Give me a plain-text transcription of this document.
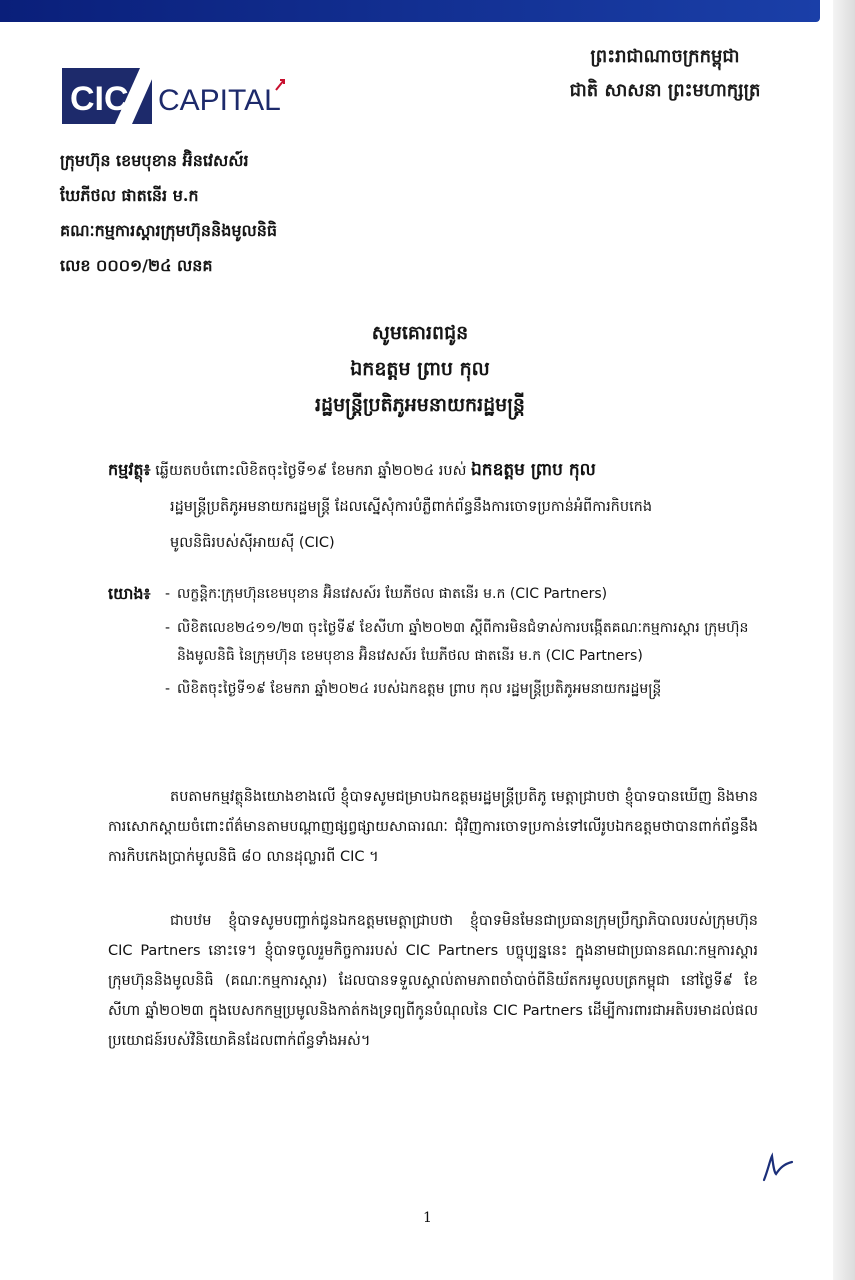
ព្រះរាជាណាចក្រកម្ពុជា
ជាតិ សាសនា ព្រះមហាក្សត្រ
CIC CAPITAL
ក្រុមហ៊ុន ខេមបុខាន អ៊ិនវេសស៍រ
ឃែភីថល ផាតនើរ ម.ក
គណៈកម្មការស្តារក្រុមហ៊ុននិងមូលនិធិ
លេខ ០០០១/២៤ លនគ
សូមគោរពជូន
ឯកឧត្តម ព្រាប កុល
រដ្ឋមន្ត្រីប្រតិភូអមនាយករដ្ឋមន្ត្រី
កម្មវត្ថុ៖ ឆ្លើយតបចំពោះលិខិតចុះថ្ងៃទី១៩ ខែមករា ឆ្នាំ២០២៤ របស់ ឯកឧត្តម ព្រាប កុល
រដ្ឋមន្ត្រីប្រតិភូអមនាយករដ្ឋមន្ត្រី ដែលស្នើសុំការបំភ្លឺពាក់ព័ន្ធនឹងការចោទប្រកាន់អំពីការកិបកេង
មូលនិធិរបស់ស៊ីអាយស៊ី (CIC)
យោង៖	- លក្ខន្តិកៈក្រុមហ៊ុនខេមបុខាន អ៊ិនវេសស៍រ ឃែភីថល ផាតនើរ ម.ក (CIC Partners)
- លិខិតលេខ២៤១១/២៣ ចុះថ្ងៃទី៩ ខែសីហា ឆ្នាំ២០២៣ ស្តីពីការមិនជំទាស់ការបង្កើតគណៈកម្មការស្តារ ក្រុមហ៊ុននិងមូលនិធិ នៃក្រុមហ៊ុន ខេមបុខាន អ៊ិនវេសស៍រ ឃែភីថល ផាតនើរ ម.ក (CIC Partners)
- លិខិតចុះថ្ងៃទី១៩ ខែមករា ឆ្នាំ២០២៤ របស់ឯកឧត្តម ព្រាប កុល រដ្ឋមន្ត្រីប្រតិភូអមនាយករដ្ឋមន្ត្រី
តបតាមកម្មវត្ថុនិងយោងខាងលើ ខ្ញុំបាទសូមជម្រាបឯកឧត្តមរដ្ឋមន្ត្រីប្រតិភូ មេត្តាជ្រាបថា ខ្ញុំបាទបានឃើញ និងមានការសោកស្តាយចំពោះព័ត៌មានតាមបណ្តាញផ្សព្វផ្សាយសាធារណៈ ជុំវិញការចោទប្រកាន់ទៅលើរូបឯកឧត្តមថាបានពាក់ព័ន្ធនឹងការកិបកេងប្រាក់មូលនិធិ ៨០ លានដុល្លារពី CIC ។
ជាបឋម ខ្ញុំបាទសូមបញ្ជាក់ជូនឯកឧត្តមមេត្តាជ្រាបថា ខ្ញុំបាទមិនមែនជាប្រធានក្រុមប្រឹក្សាភិបាលរបស់ក្រុមហ៊ុន CIC Partners នោះទេ។ ខ្ញុំបាទចូលរួមកិច្ចការរបស់ CIC Partners បច្ចុប្បន្ននេះ ក្នុងនាមជាប្រធានគណៈកម្មការស្តារក្រុមហ៊ុននិងមូលនិធិ (គណៈកម្មការស្តារ) ដែលបានទទួលស្គាល់តាមភាពចាំបាច់ពីនិយ័តករមូលបត្រកម្ពុជា នៅថ្ងៃទី៩ ខែសីហា ឆ្នាំ២០២៣ ក្នុងបេសកកម្មប្រមូលនិងកាត់កងទ្រព្យពីកូនបំណុលនៃ CIC Partners ដើម្បីការពារជាអតិបរមាដល់ផលប្រយោជន៍របស់វិនិយោគិនដែលពាក់ព័ន្ធទាំងអស់។
1
